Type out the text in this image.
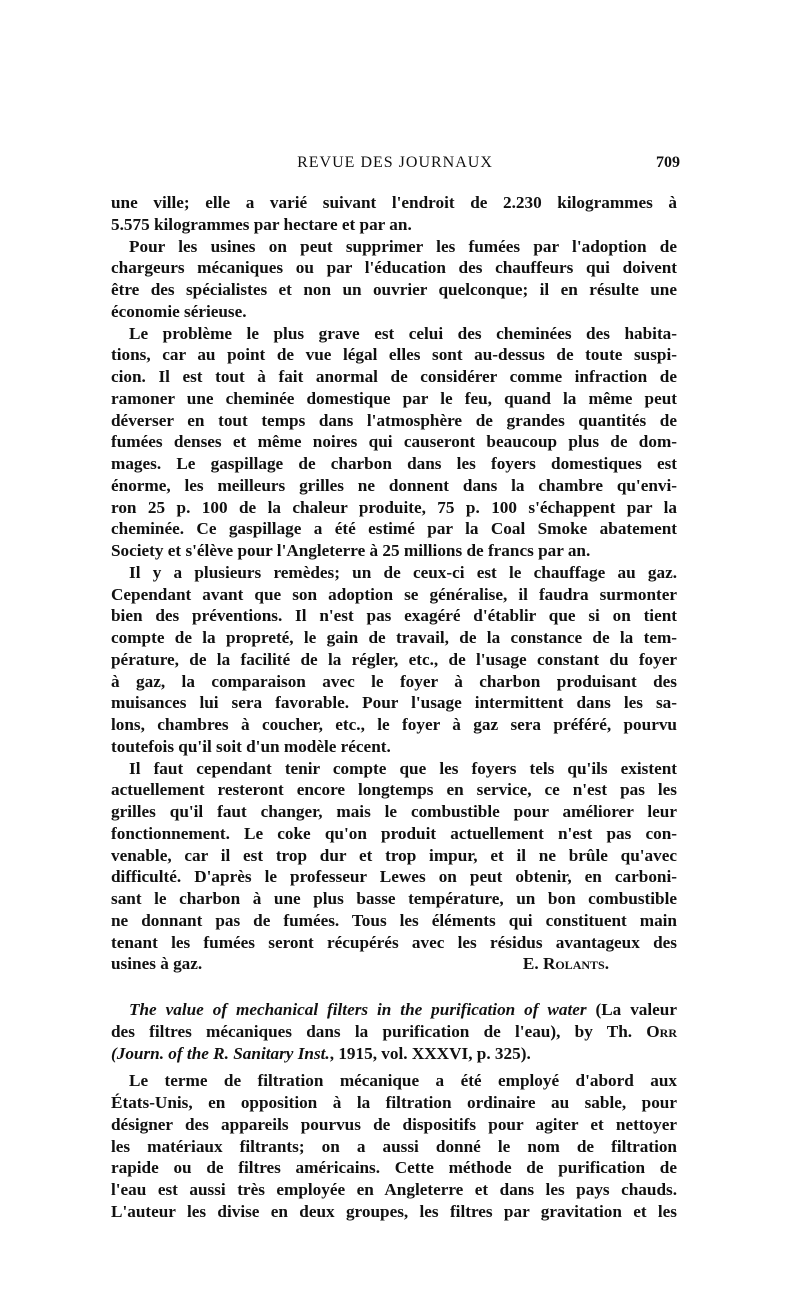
REVUE DES JOURNAUX	709
une ville; elle a varié suivant l'endroit de 2.230 kilogrammes à
5.575 kilogrammes par hectare et par an.
Pour les usines on peut supprimer les fumées par l'adoption de
chargeurs mécaniques ou par l'éducation des chauffeurs qui doivent
être des spécialistes et non un ouvrier quelconque; il en résulte une
économie sérieuse.
Le problème le plus grave est celui des cheminées des habita-
tions, car au point de vue légal elles sont au-dessus de toute suspi-
cion. Il est tout à fait anormal de considérer comme infraction de
ramoner une cheminée domestique par le feu, quand la même peut
déverser en tout temps dans l'atmosphère de grandes quantités de
fumées denses et même noires qui causeront beaucoup plus de dom-
mages. Le gaspillage de charbon dans les foyers domestiques est
énorme, les meilleurs grilles ne donnent dans la chambre qu'envi-
ron 25 p. 100 de la chaleur produite, 75 p. 100 s'échappent par la
cheminée. Ce gaspillage a été estimé par la Coal Smoke abatement
Society et s'élève pour l'Angleterre à 25 millions de francs par an.
Il y a plusieurs remèdes; un de ceux-ci est le chauffage au gaz.
Cependant avant que son adoption se généralise, il faudra surmonter
bien des préventions. Il n'est pas exagéré d'établir que si on tient
compte de la propreté, le gain de travail, de la constance de la tem-
pérature, de la facilité de la régler, etc., de l'usage constant du foyer
à gaz, la comparaison avec le foyer à charbon produisant des
muisances lui sera favorable. Pour l'usage intermittent dans les sa-
lons, chambres à coucher, etc., le foyer à gaz sera préféré, pourvu
toutefois qu'il soit d'un modèle récent.
Il faut cependant tenir compte que les foyers tels qu'ils existent
actuellement resteront encore longtemps en service, ce n'est pas les
grilles qu'il faut changer, mais le combustible pour améliorer leur
fonctionnement. Le coke qu'on produit actuellement n'est pas con-
venable, car il est trop dur et trop impur, et il ne brûle qu'avec
difficulté. D'après le professeur Lewes on peut obtenir, en carboni-
sant le charbon à une plus basse température, un bon combustible
ne donnant pas de fumées. Tous les éléments qui constituent main
tenant les fumées seront récupérés avec les résidus avantageux des
usines à gaz.	E. Rolants.
The value of mechanical filters in the purification of water (La valeur
des filtres mécaniques dans la purification de l'eau), by Th. Orr
(Journ. of the R. Sanitary Inst., 1915, vol. XXXVI, p. 325).
Le terme de filtration mécanique a été employé d'abord aux
États-Unis, en opposition à la filtration ordinaire au sable, pour
désigner des appareils pourvus de dispositifs pour agiter et nettoyer
les matériaux filtrants; on a aussi donné le nom de filtration
rapide ou de filtres américains. Cette méthode de purification de
l'eau est aussi très employée en Angleterre et dans les pays chauds.
L'auteur les divise en deux groupes, les filtres par gravitation et les
